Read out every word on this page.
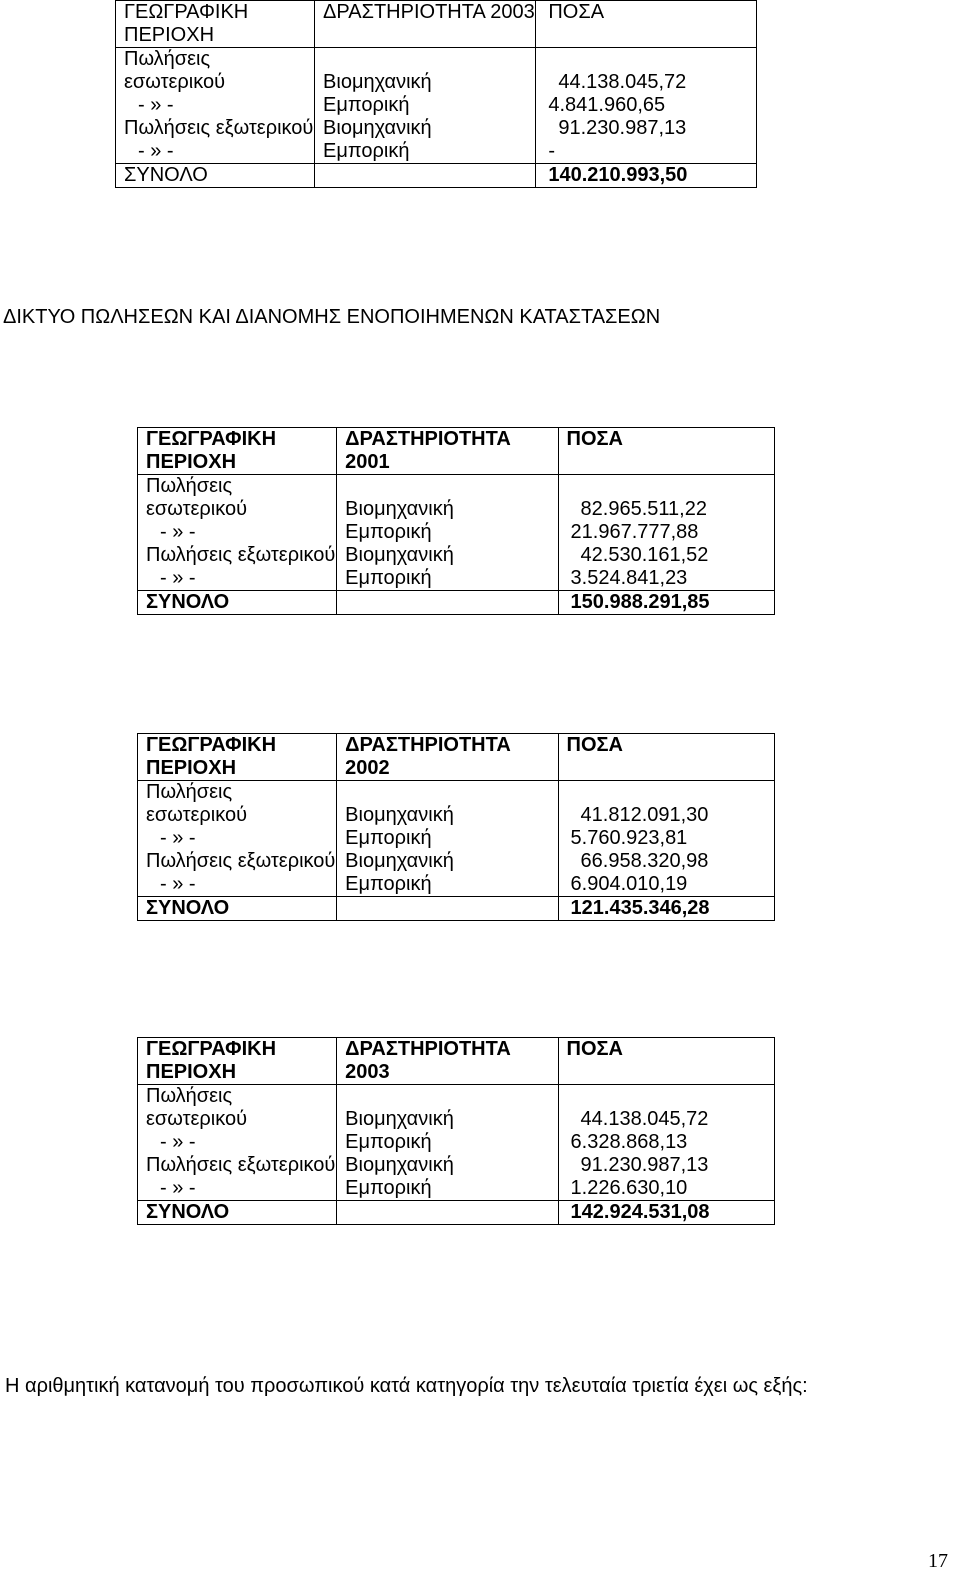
ΓΕΩΓΡΑΦΙΚΗ ΠΕΡΙΟΧΗ	ΔΡΑΣΤΗΡΙΟΤΗΤΑ 2003	ΠΟΣΑ
Πωλήσεις εσωτερικού	Βιομηχανική	44.138.045,72
- » -	Εμπορική	4.841.960,65
Πωλήσεις εξωτερικού	Βιομηχανική	91.230.987,13
- » -	Εμπορική	-
ΣΥΝΟΛΟ		140.210.993,50
ΔΙΚΤΥΟ ΠΩΛΗΣΕΩΝ ΚΑΙ ΔΙΑΝΟΜΗΣ ΕΝΟΠΟΙΗΜΕΝΩΝ ΚΑΤΑΣΤΑΣΕΩΝ
ΓΕΩΓΡΑΦΙΚΗ ΠΕΡΙΟΧΗ	ΔΡΑΣΤΗΡΙΟΤΗΤΑ 2001	ΠΟΣΑ
Πωλήσεις εσωτερικού	Βιομηχανική	82.965.511,22
- » -	Εμπορική	21.967.777,88
Πωλήσεις εξωτερικού	Βιομηχανική	42.530.161,52
- » -	Εμπορική	3.524.841,23
ΣΥΝΟΛΟ		150.988.291,85
ΓΕΩΓΡΑΦΙΚΗ ΠΕΡΙΟΧΗ	ΔΡΑΣΤΗΡΙΟΤΗΤΑ 2002	ΠΟΣΑ
Πωλήσεις εσωτερικού	Βιομηχανική	41.812.091,30
- » -	Εμπορική	5.760.923,81
Πωλήσεις εξωτερικού	Βιομηχανική	66.958.320,98
- » -	Εμπορική	6.904.010,19
ΣΥΝΟΛΟ		121.435.346,28
ΓΕΩΓΡΑΦΙΚΗ ΠΕΡΙΟΧΗ	ΔΡΑΣΤΗΡΙΟΤΗΤΑ 2003	ΠΟΣΑ
Πωλήσεις εσωτερικού	Βιομηχανική	44.138.045,72
- » -	Εμπορική	6.328.868,13
Πωλήσεις εξωτερικού	Βιομηχανική	91.230.987,13
- » -	Εμπορική	1.226.630,10
ΣΥΝΟΛΟ		142.924.531,08
Η αριθμητική κατανομή του προσωπικού κατά κατηγορία την τελευταία τριετία έχει ως εξής:
17
